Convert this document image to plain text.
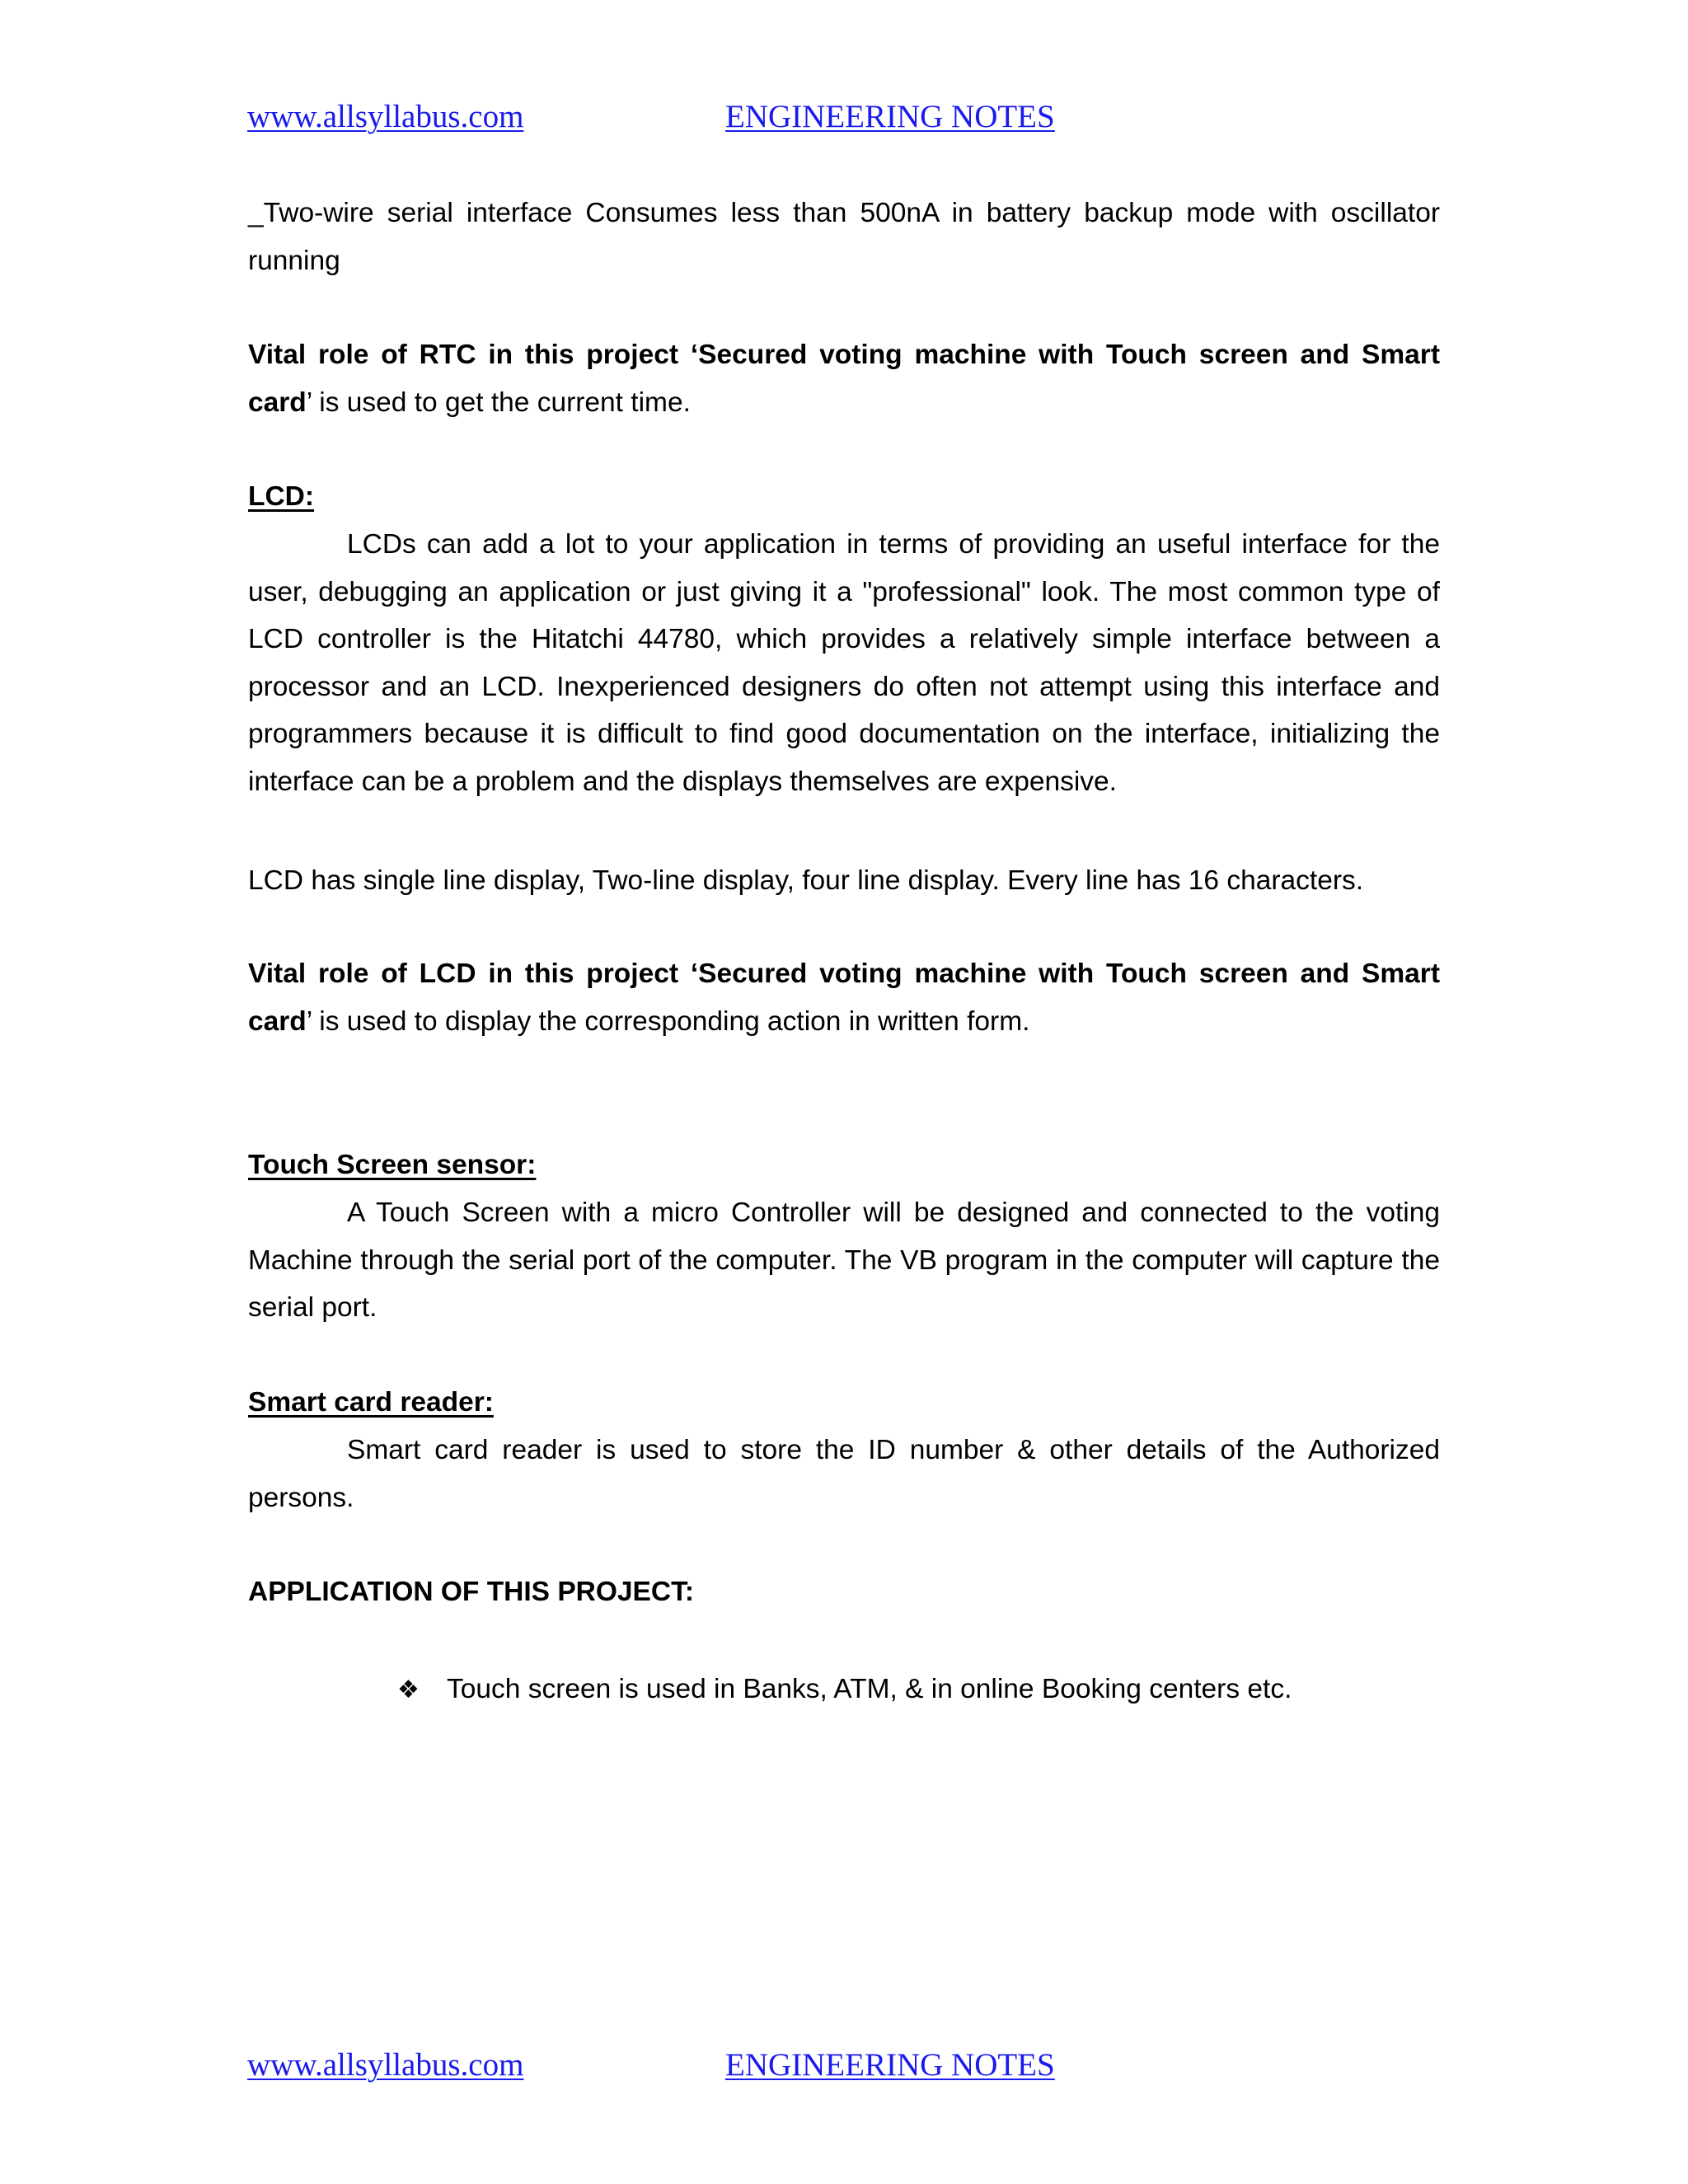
www.allsyllabus.com	ENGINEERING NOTES
_Two-wire serial interface Consumes less than 500nA in battery backup mode with oscillator running
Vital role of RTC in this project ‘Secured voting machine with Touch screen and Smart card’ is used to get the current time.
LCD:
LCDs can add a lot to your application in terms of providing an useful interface for the user, debugging an application or just giving it a "professional" look. The most common type of LCD controller is the Hitatchi 44780, which provides a relatively simple interface between a processor and an LCD. Inexperienced designers do often not attempt using this interface and programmers because it is difficult to find good documentation on the interface, initializing the interface can be a problem and the displays themselves are expensive.
LCD has single line display, Two-line display, four line display. Every line has 16 characters.
Vital role of LCD in this project ‘Secured voting machine with Touch screen and Smart card’ is used to display the corresponding action in written form.
Touch Screen sensor:
A Touch Screen with a micro Controller will be designed and connected to the voting Machine through the serial port of the computer. The VB program in the computer will capture the serial port.
Smart card reader:
Smart card reader is used to store the ID number & other details of the Authorized persons.
APPLICATION OF THIS PROJECT:
❖ Touch screen is used in Banks, ATM, & in online Booking centers etc.
www.allsyllabus.com	ENGINEERING NOTES
